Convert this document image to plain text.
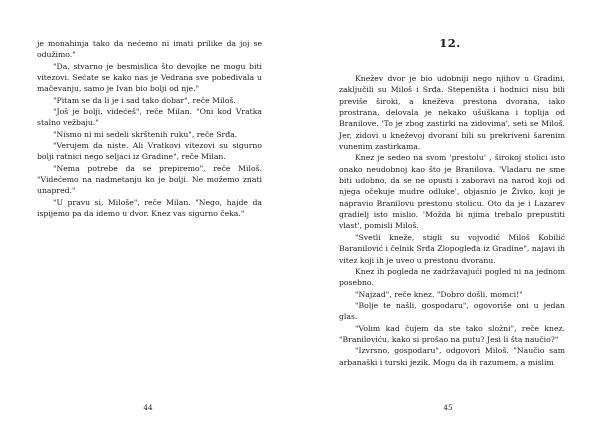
je monahinja tako da nećemo ni imati prilike da joj se odužimo."

"Da, stvarno je besmislica što devojke ne mogu biti vitezovi. Sećate se kako nas je Vedrana sve pobeđivala u mačevanju, samo je Ivan bio bolji od nje."

"Pitam se da li je i sad tako dobar", reče Miloš.

"Još je bolji, videćeš", reče Milan. "Oni kod Vratka stalno vežbaju."

"Nismo ni mi sedeli skrštenih ruku", reče Srđa.

"Verujem da niste. Ali Vratkovi vitezovi su sigurno bolji ratnici nego seljaci iz Gradine", reče Milan.

"Nema potrebe da se prepiremo", reče Miloš. "Videćemo na nadmetanju ko je bolji. Ne možemo znati unapred."

"U pravu si, Miloše", reče Milan. "Nego, hajde da ispijemo pa da idemo u dvor. Knez vas sigurno čeka."

44
12.

Knežev dvor je bio udobniji nego njihov u Gradini, zaključili su Miloš i Srđa. Stepeništa i hodnici nisu bili previše široki, a kneževa prestona dvorana, iako prostrana, delovala je nekako ušuškana i toplija od Branilove. 'To je zbog zastirki na zidovima', seti se Miloš. Jer, zidovi u kneževoj dvorani bili su prekriveni šarenim vunenim zastirkama.

Knez je sedeo na svom 'prestolu' , širokoj stolici isto onako neudobnoj kao što je Branilova. 'Vladaru ne sme biti udobno, da se ne opusti i zaboravi na narod koji od njega očekuje mudre odluke', objasnio je Živko, koji je napravio Branilovu prestonu stolicu. Oto da je i Lazarev gradielj isto mislio. 'Možda bi njima trebalo prepustiti vlast', pomisli Miloš.

"Svetli kneže, stigli su vojvodić Miloš Kobilić Baranilović i čelnik Srđa Zlopogleđa iz Gradine", najavi ih vitez koji ih je uveo u prestonu dvoranu.

Knez ih pogleda ne zadržavajući pogled ni na jednom posebno.

"Najzad", reče knez. "Dobro došli, momci!"

"Bolje te našli, gospodaru", ogovoriše oni u jedan glas.

"Volim kad čujem da ste tako složni", reče knez. "Braniloviću, kako si prošao na putu? Jesi li šta naučio?"

"Izvrsno, gospodaru", odgovori Miloš. "Naučio sam arbanaški i turski jezik. Mogu da ih razumem, a mislim

45
